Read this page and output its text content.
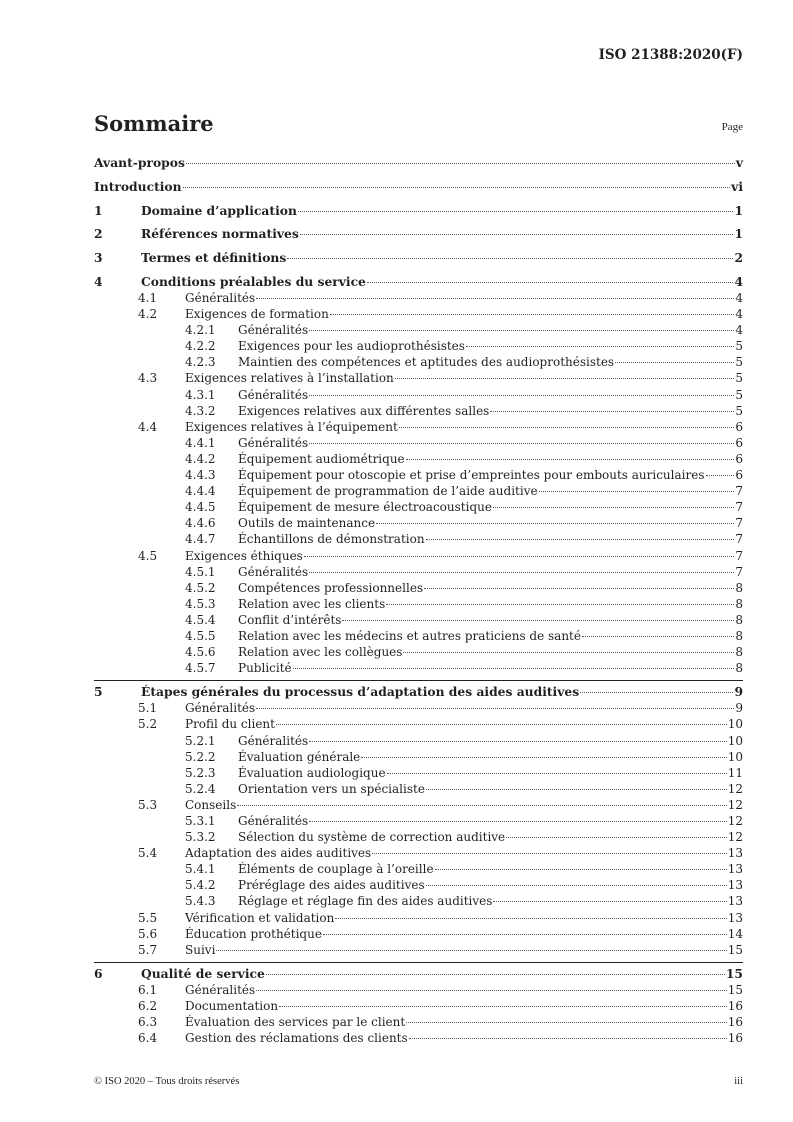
ISO 21388:2020(F)
Sommaire	Page
Avant-propos	v
Introduction	vi
1	Domaine d’application	1
2	Références normatives	1
3	Termes et définitions	2
4	Conditions préalables du service	4
4.1 Généralités	4
4.2 Exigences de formation	4
4.2.1 Généralités	4
4.2.2 Exigences pour les audioprothésistes	5
4.2.3 Maintien des compétences et aptitudes des audioprothésistes	5
4.3 Exigences relatives à l’installation	5
4.3.1 Généralités	5
4.3.2 Exigences relatives aux différentes salles	5
4.4 Exigences relatives à l’équipement	6
4.4.1 Généralités	6
4.4.2 Équipement audiométrique	6
4.4.3 Équipement pour otoscopie et prise d’empreintes pour embouts auriculaires	6
4.4.4 Équipement de programmation de l’aide auditive	7
4.4.5 Équipement de mesure électroacoustique	7
4.4.6 Outils de maintenance	7
4.4.7 Échantillons de démonstration	7
4.5 Exigences éthiques	7
4.5.1 Généralités	7
4.5.2 Compétences professionnelles	8
4.5.3 Relation avec les clients	8
4.5.4 Conflit d’intérêts	8
4.5.5 Relation avec les médecins et autres praticiens de santé	8
4.5.6 Relation avec les collègues	8
4.5.7 Publicité	8
5	Étapes générales du processus d’adaptation des aides auditives	9
5.1 Généralités	9
5.2 Profil du client	10
5.2.1 Généralités	10
5.2.2 Évaluation générale	10
5.2.3 Évaluation audiologique	11
5.2.4 Orientation vers un spécialiste	12
5.3 Conseils	12
5.3.1 Généralités	12
5.3.2 Sélection du système de correction auditive	12
5.4 Adaptation des aides auditives	13
5.4.1 Éléments de couplage à l’oreille	13
5.4.2 Préréglage des aides auditives	13
5.4.3 Réglage et réglage fin des aides auditives	13
5.5 Vérification et validation	13
5.6 Éducation prothétique	14
5.7 Suivi	15
6	Qualité de service	15
6.1 Généralités	15
6.2 Documentation	16
6.3 Évaluation des services par le client	16
6.4 Gestion des réclamations des clients	16
© ISO 2020 – Tous droits réservés	iii
